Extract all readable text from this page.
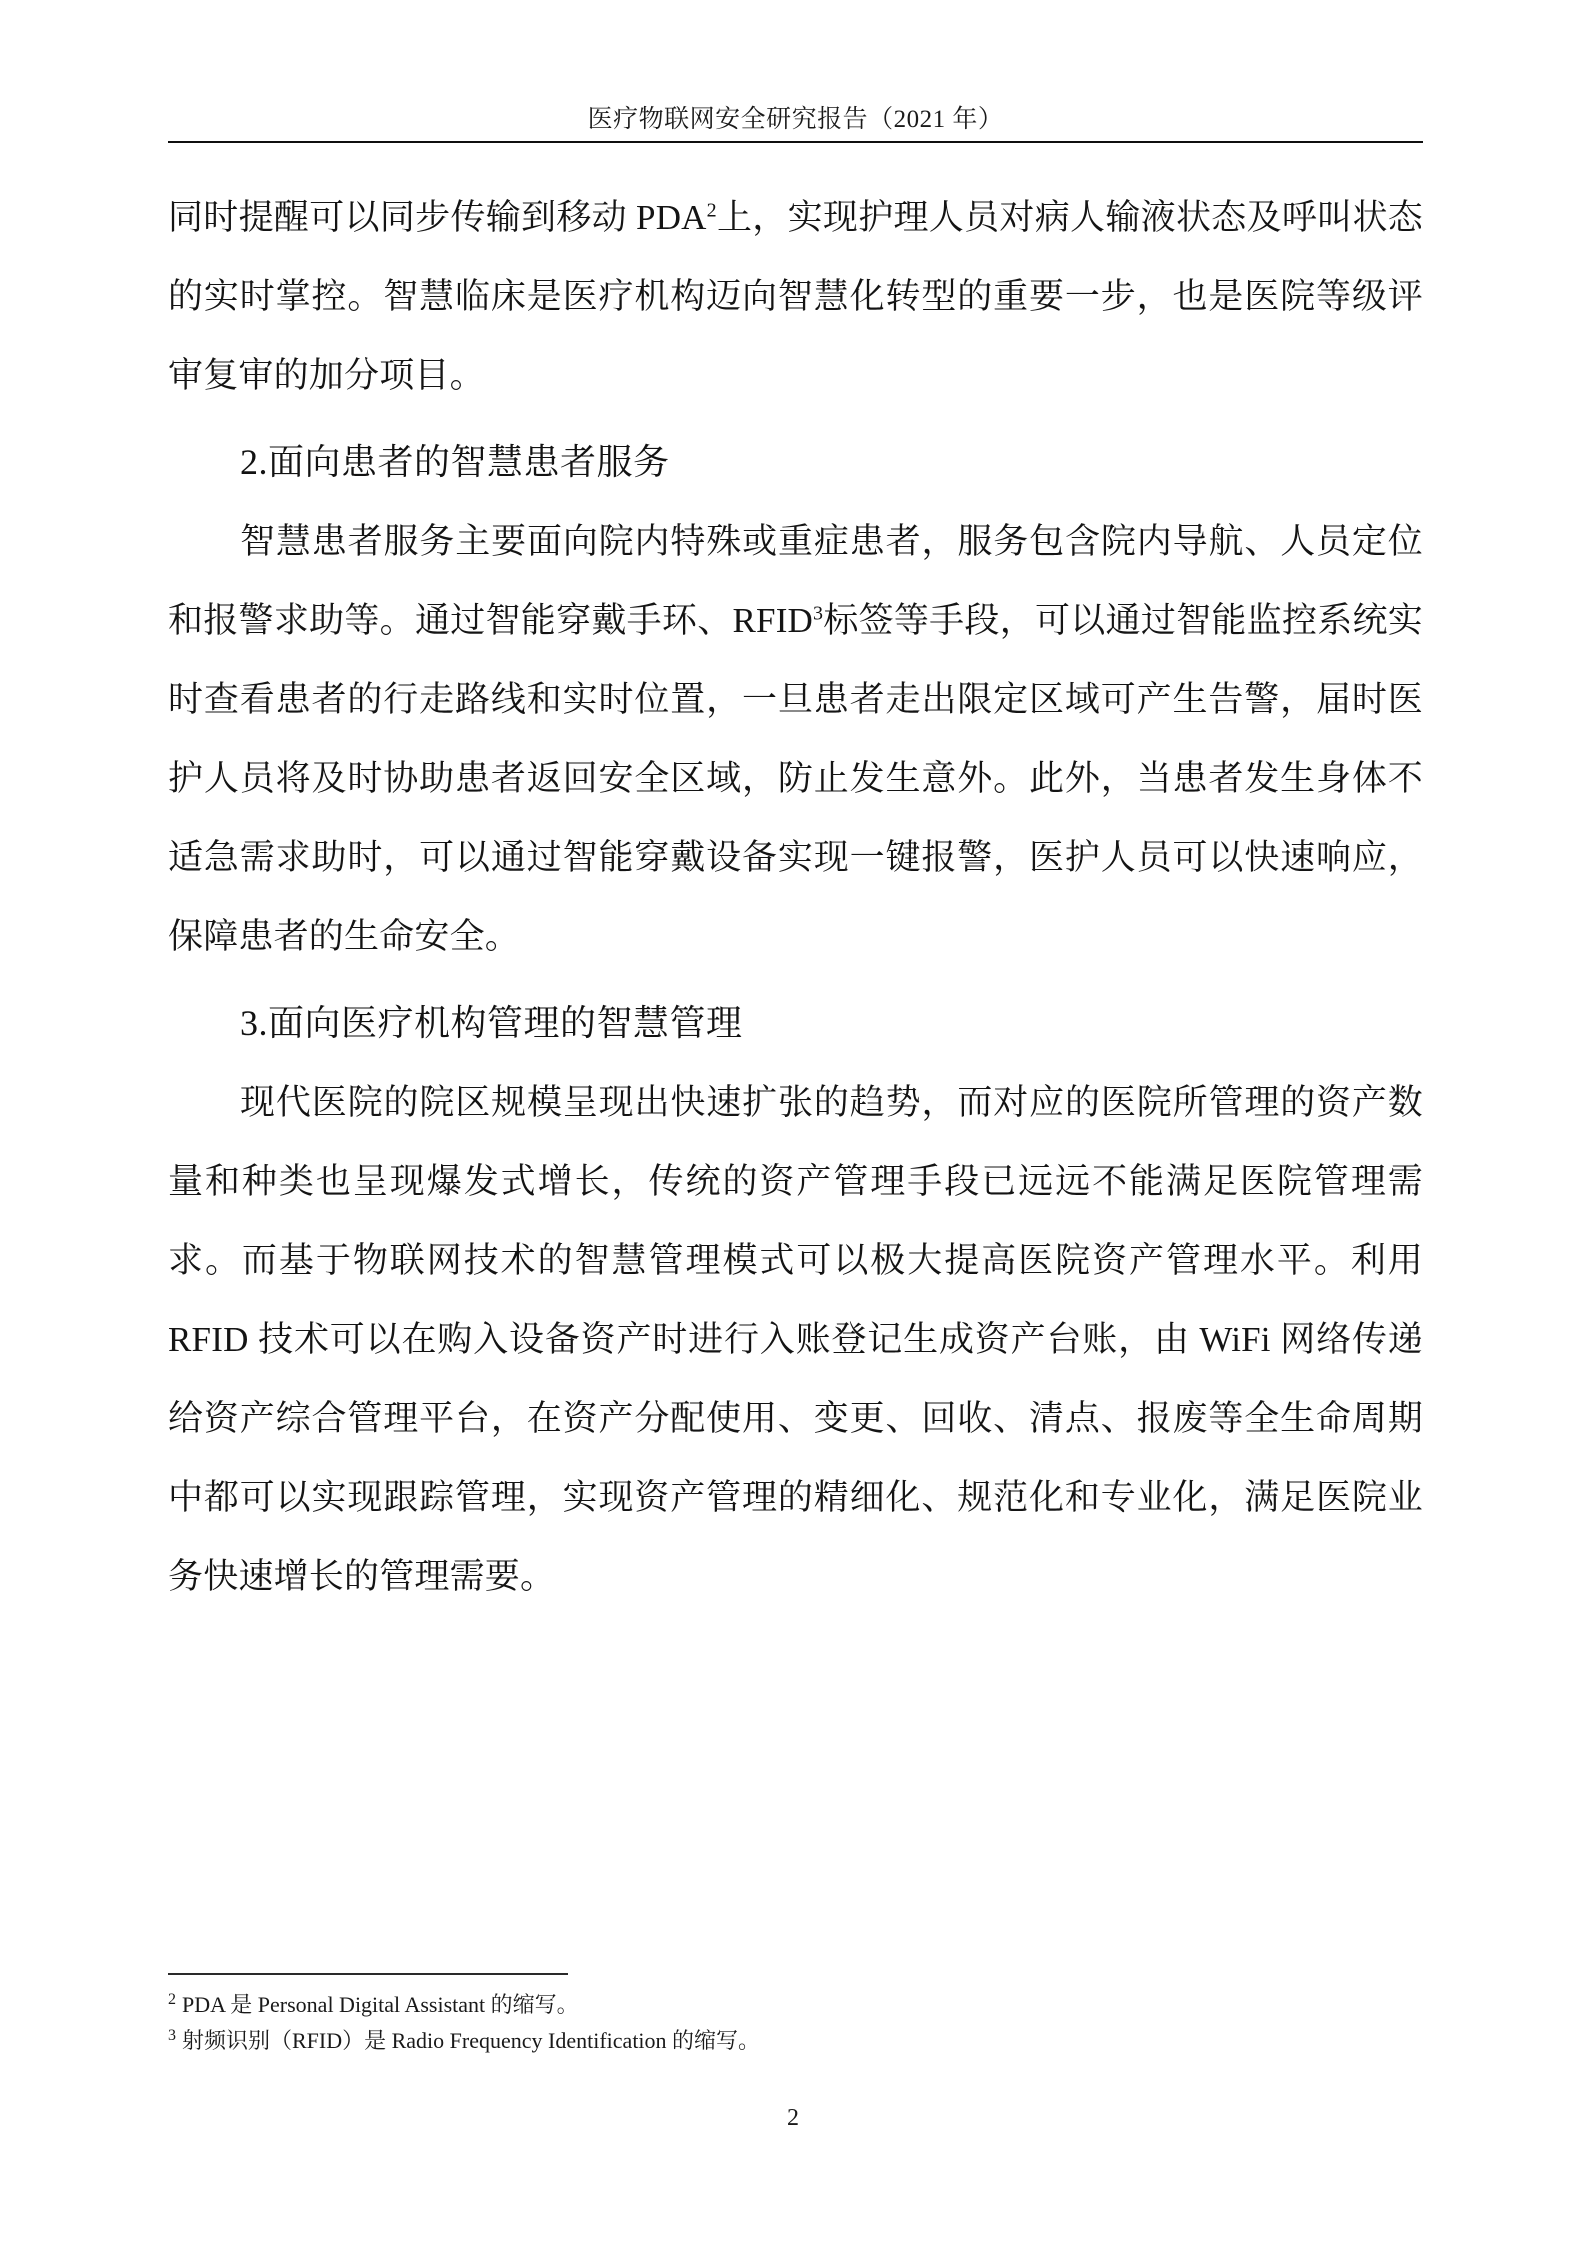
医疗物联网安全研究报告（2021 年）

同时提醒可以同步传输到移动 PDA$^2$上，实现护理人员对病人输液状态及呼叫状态的实时掌控。智慧临床是医疗机构迈向智慧化转型的重要一步，也是医院等级评审复审的加分项目。

2.面向患者的智慧患者服务

智慧患者服务主要面向院内特殊或重症患者，服务包含院内导航、人员定位和报警求助等。通过智能穿戴手环、RFID$^3$标签等手段，可以通过智能监控系统实时查看患者的行走路线和实时位置，一旦患者走出限定区域可产生告警，届时医护人员将及时协助患者返回安全区域，防止发生意外。此外，当患者发生身体不适急需求助时，可以通过智能穿戴设备实现一键报警，医护人员可以快速响应，保障患者的生命安全。

3.面向医疗机构管理的智慧管理

现代医院的院区规模呈现出快速扩张的趋势，而对应的医院所管理的资产数量和种类也呈现爆发式增长，传统的资产管理手段已远远不能满足医院管理需求。而基于物联网技术的智慧管理模式可以极大提高医院资产管理水平。利用 RFID 技术可以在购入设备资产时进行入账登记生成资产台账，由 WiFi 网络传递给资产综合管理平台，在资产分配使用、变更、回收、清点、报废等全生命周期中都可以实现跟踪管理，实现资产管理的精细化、规范化和专业化，满足医院业务快速增长的管理需要。

$^2$ PDA 是 Personal Digital Assistant 的缩写。

$^3$ 射频识别（RFID）是 Radio Frequency Identification 的缩写。

2
